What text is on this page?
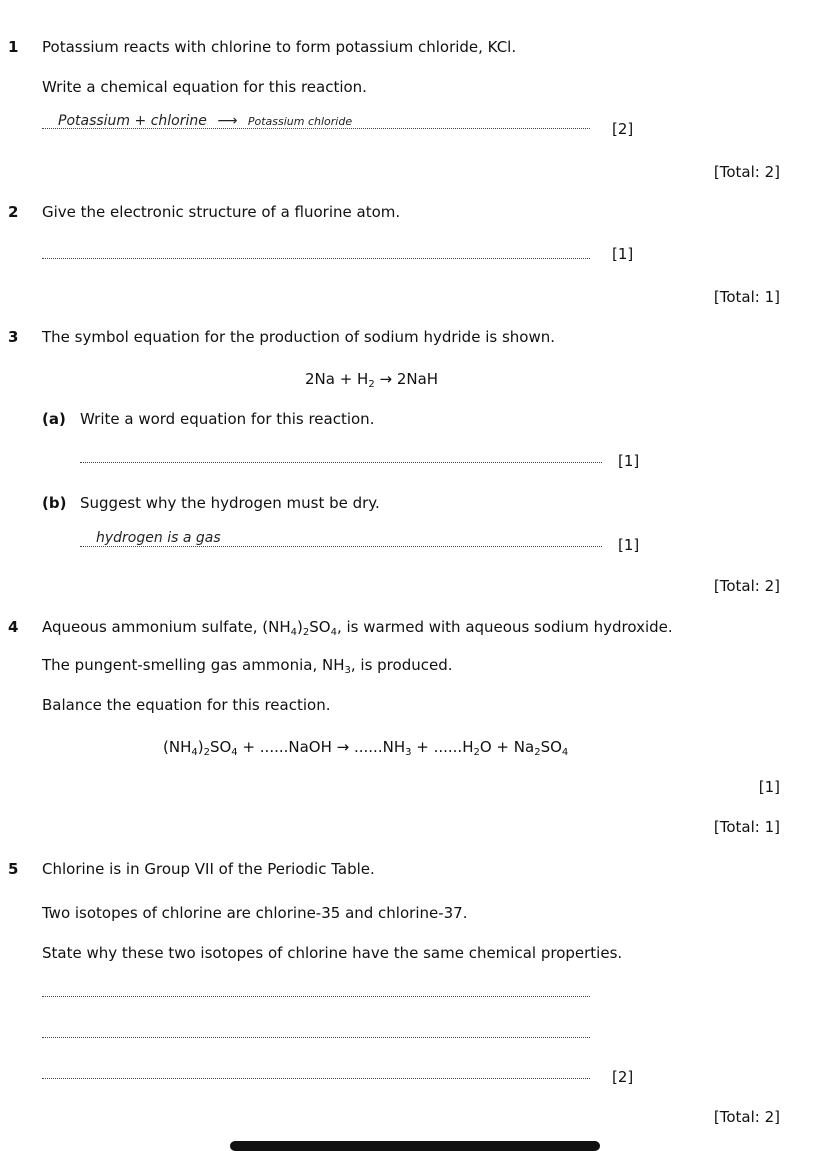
1 Potassium reacts with chlorine to form potassium chloride, KCl.
Write a chemical equation for this reaction.
Potassium + chlorine ⟶ Potassium chloride	[2]
[Total: 2]
2 Give the electronic structure of a fluorine atom.
[1]
[Total: 1]
3 The symbol equation for the production of sodium hydride is shown.
$2Na + H_2 \to 2NaH$
(a) Write a word equation for this reaction.
[1]
(b) Suggest why the hydrogen must be dry.
hydrogen is a gas	[1]
[Total: 2]
4 Aqueous ammonium sulfate, $(NH_4)_2SO_4$, is warmed with aqueous sodium hydroxide.
The pungent-smelling gas ammonia, $NH_3$, is produced.
Balance the equation for this reaction.
$(NH_4)_2SO_4$ + ......NaOH → $......NH_3 + ......H_2O + Na_2SO_4$
[1]
[Total: 1]
5 Chlorine is in Group VII of the Periodic Table.
Two isotopes of chlorine are chlorine-35 and chlorine-37.
State why these two isotopes of chlorine have the same chemical properties.
[2]
[Total: 2]
